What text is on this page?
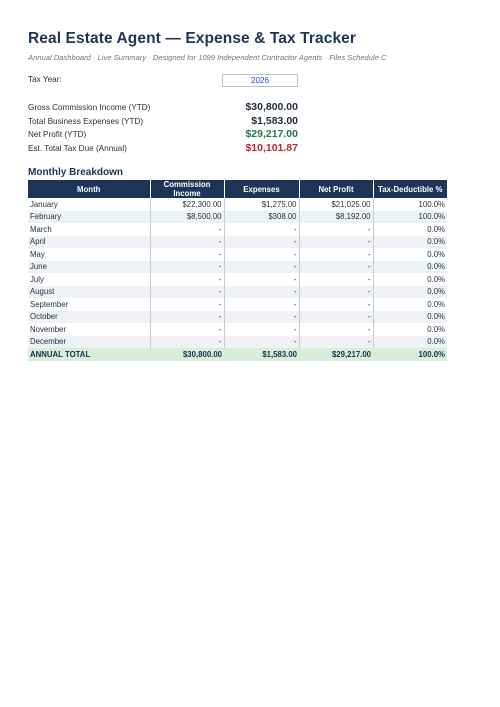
Real Estate Agent — Expense & Tax Tracker
Annual Dashboard · Live Summary · Designed for 1099 Independent Contractor Agents · Files Schedule C
Tax Year:	2026
Gross Commission Income (YTD)	$30,800.00
Total Business Expenses (YTD)	$1,583.00
Net Profit (YTD)	$29,217.00
Est. Total Tax Due (Annual)	$10,101.87
Monthly Breakdown
Month	Commission Income	Expenses	Net Profit	Tax-Deductible %
January	$22,300.00	$1,275.00	$21,025.00	100.0%
February	$8,500.00	$308.00	$8,192.00	100.0%
March	-	-	-	0.0%
April	-	-	-	0.0%
May	-	-	-	0.0%
June	-	-	-	0.0%
July	-	-	-	0.0%
August	-	-	-	0.0%
September	-	-	-	0.0%
October	-	-	-	0.0%
November	-	-	-	0.0%
December	-	-	-	0.0%
ANNUAL TOTAL	$30,800.00	$1,583.00	$29,217.00	100.0%
